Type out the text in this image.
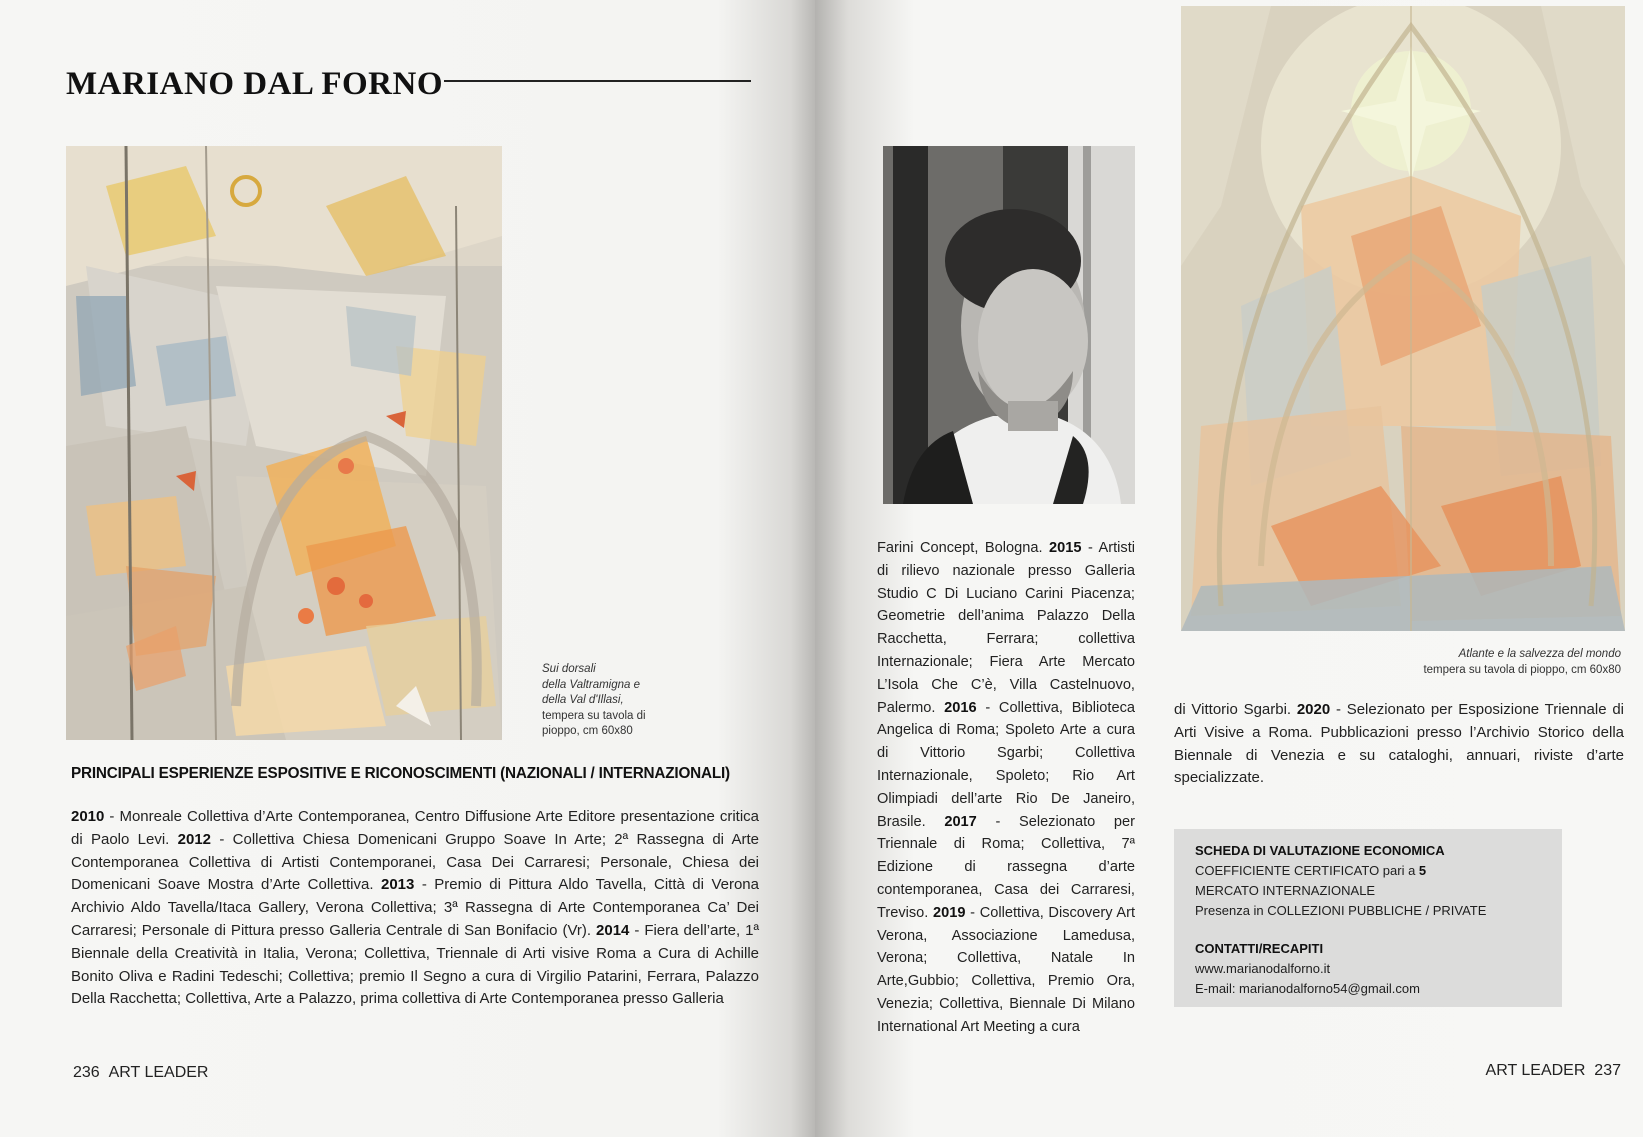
MARIANO DAL FORNO
Sui dorsali
della Valtramigna e
della Val d'Illasi,
tempera su tavola di
pioppo, cm 60x80
PRINCIPALI ESPERIENZE ESPOSITIVE E RICONOSCIMENTI (NAZIONALI / INTERNAZIONALI)
2010 - Monreale Collettiva d’Arte Contemporanea, Centro Diffusione Arte Editore presentazione critica di Paolo Levi. 2012 - Collettiva Chiesa Domenicani Gruppo Soave In Arte; 2ª Rassegna di Arte Contemporanea Collettiva di Artisti Contemporanei, Casa Dei Carraresi; Personale, Chiesa dei Domenicani Soave Mostra d’Arte Collettiva. 2013 - Premio di Pittura Aldo Tavella, Città di Verona Archivio Aldo Tavella/Itaca Gallery, Verona Collettiva; 3ª Rassegna di Arte Contemporanea Ca’ Dei Carraresi; Personale di Pittura presso Galleria Centrale di San Bonifacio (Vr). 2014 - Fiera dell’arte, 1ª Biennale della Creatività in Italia, Verona; Collettiva, Triennale di Arti visive Roma a Cura di Achille Bonito Oliva e Radini Tedeschi; Collettiva; premio Il Segno a cura di Virgilio Patarini, Ferrara, Palazzo Della Racchetta; Collettiva, Arte a Palazzo, prima collettiva di Arte Contemporanea presso Galleria
236 ART LEADER
Atlante e la salvezza del mondo
tempera su tavola di pioppo, cm 60x80
Farini Concept, Bologna. 2015 - Artisti di rilievo nazionale presso Galleria Studio C Di Luciano Carini Piacenza; Geometrie dell’anima Palazzo Della Racchetta, Ferrara; collettiva Internazionale; Fiera Arte Mercato L’Isola Che C’è, Villa Castelnuovo, Palermo. 2016 - Collettiva, Biblioteca Angelica di Roma; Spoleto Arte a cura di Vittorio Sgarbi; Collettiva Internazionale, Spoleto; Rio Art Olimpiadi dell’arte Rio De Janeiro, Brasile. 2017 - Selezionato per Triennale di Roma; Collettiva, 7ª Edizione di rassegna d’arte contemporanea, Casa dei Carraresi, Treviso. 2019 - Collettiva, Discovery Art Verona, Associazione Lamedusa, Verona; Collettiva, Natale In Arte,Gubbio; Collettiva, Premio Ora, Venezia; Collettiva, Biennale Di Milano International Art Meeting a cura
di Vittorio Sgarbi. 2020 - Selezionato per Esposizione Triennale di Arti Visive a Roma. Pubblicazioni presso l’Archivio Storico della Biennale di Venezia e su cataloghi, annuari, riviste d’arte specializzate.
SCHEDA DI VALUTAZIONE ECONOMICA
COEFFICIENTE CERTIFICATO pari a 5
MERCATO INTERNAZIONALE
Presenza in COLLEZIONI PUBBLICHE / PRIVATE
CONTATTI/RECAPITI
www.marianodalforno.it
E-mail: marianodalforno54@gmail.com
ART LEADER 237
